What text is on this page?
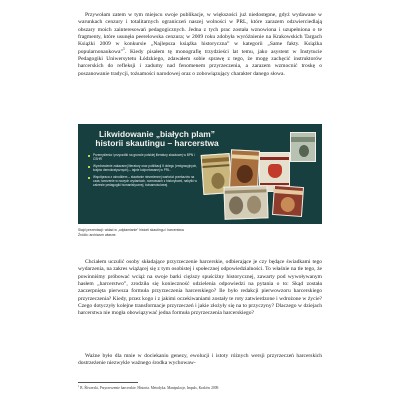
Przywołam zatem w tym miejscu swoje publikacje, w większości już niedostępne, gdyż wydawane w warunkach cenzury i totalitarnych ograniczeń naszej wolności w PRL, które zarazem odzwierciedlają obszary moich zainteresowań pedagogicznych. Jedna z tych prac została wznowiona i uzupełniona o te fragmenty, które usunęła peerelowska cenzura; w 2009 roku zdobyła wyróżnienie na Krakowskich Targach Książki 2009 w konkursie „Najlepsza książka historyczna” w kategorii „Same fakty. Książka popularnonaukowa”$^1$. Kiedy pisałem tę monografię trzydzieści lat temu, jako asystent w Instytucie Pedagogiki Uniwersytetu Łódzkiego, zdawałem sobie sprawę z tego, że mogę zachęcić instruktorów harcerskich do refleksji i zadumy nad fenomenem przyrzeczenia, a zarazem wzmocnić troskę o poszanowanie tradycji, tożsamości narodowej oraz o zobowiązujący charakter danego słowa.

Likwidowanie „białych plam” historii skautingu – harcerstwa

Przemyślenia i przyczółki na gruncie polskiej literatury skautowej w BPN i CSHR
Wyzdrowienie zakazanej literatury oraz publikacji II obiegu (emigracyjnych, krajów demokratycznych) – tajnie kolportowanej w PRL.
Współpraca z ośrodkiem – stawianie niezmiennej wartości przekazów na czas; tworzenie w nowych wydaniach, rozmowach z historykami, nabytki w zakresie pedagogiki humanistycznej, tożsamościowej.

Slajd prezentacji: wkład w „odplamianie” historii skautingu i harcerstwa
Źródło: archiwum własne.

Chciałem uczulić osoby składające przyrzeczenie harcerskie, odbierające je czy będące świadkami tego wydarzenia, na zakres wiążącej się z tym osobistej i społecznej odpowiedzialności. To właśnie na tle tego, że powinniśmy próbować wciąż na swoje barki cięższy spuściżny historycznej, zawarty pod wywoływanym hasłem „harcerstwo”, zrodziła się konieczność udzielenia odpowiedzi na pytania o to: Skąd została zaczerpnięta pierwsza formuła przyrzeczenia harcerskiego? Ile było redakcji pierwowzoru harcerskiego przyrzeczenia? Kiedy, przez kogo i z jakimi oczekiwaniami zostały te roty zatwierdzone i wdrożone w życie? Czego dotyczyły kolejne transformacje przyrzeczeń i jakie złożyły się na to przyczyny? Dlaczego w dziejach harcerstwa nie mogła obowiązywać jedna formuła przyrzeczenia harcerskiego?

Ważne było dla mnie w dociekaniu genezy, ewolucji i istoty różnych wersji przyrzeczeń harcerskich dostrzeżenie niezwykle ważnego środka wychowaw-

$^1$ B. Śliwerski, Przyrzeczenie harcerskie. Historia. Metodyka. Manipulacje, Impuls, Kraków 2009.
